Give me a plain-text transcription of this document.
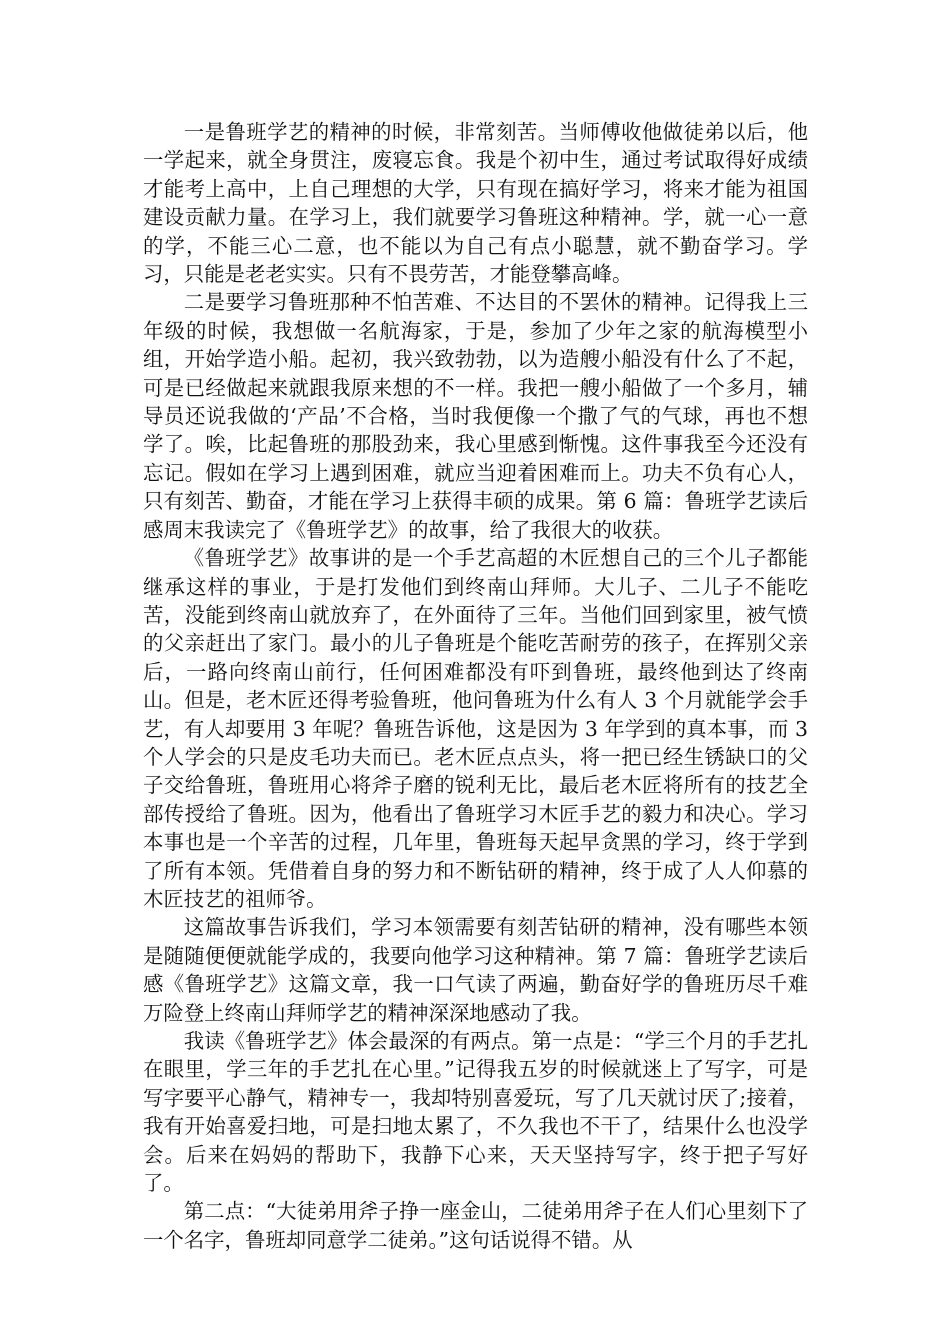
一是鲁班学艺的精神的时候，非常刻苦。当师傅收他做徒弟以后，他一学起来，就全身贯注，废寝忘食。我是个初中生，通过考试取得好成绩才能考上高中，上自己理想的大学，只有现在搞好学习，将来才能为祖国建设贡献力量。在学习上，我们就要学习鲁班这种精神。学，就一心一意的学，不能三心二意，也不能以为自己有点小聪慧，就不勤奋学习。学习，只能是老老实实。只有不畏劳苦，才能登攀高峰。

二是要学习鲁班那种不怕苦难、不达目的不罢休的精神。记得我上三年级的时候，我想做一名航海家，于是，参加了少年之家的航海模型小组，开始学造小船。起初，我兴致勃勃，以为造艘小船没有什么了不起，可是已经做起来就跟我原来想的不一样。我把一艘小船做了一个多月，辅导员还说我做的‘产品’不合格，当时我便像一个撒了气的气球，再也不想学了。唉，比起鲁班的那股劲来，我心里感到惭愧。这件事我至今还没有忘记。假如在学习上遇到困难，就应当迎着困难而上。功夫不负有心人，只有刻苦、勤奋，才能在学习上获得丰硕的成果。第 6 篇：鲁班学艺读后感周末我读完了《鲁班学艺》的故事，给了我很大的收获。

《鲁班学艺》故事讲的是一个手艺高超的木匠想自己的三个儿子都能继承这样的事业，于是打发他们到终南山拜师。大儿子、二儿子不能吃苦，没能到终南山就放弃了，在外面待了三年。当他们回到家里，被气愤的父亲赶出了家门。最小的儿子鲁班是个能吃苦耐劳的孩子，在挥别父亲后，一路向终南山前行，任何困难都没有吓到鲁班，最终他到达了终南山。但是，老木匠还得考验鲁班，他问鲁班为什么有人 3 个月就能学会手艺，有人却要用 3 年呢？鲁班告诉他，这是因为 3 年学到的真本事，而 3 个人学会的只是皮毛功夫而已。老木匠点点头，将一把已经生锈缺口的父子交给鲁班，鲁班用心将斧子磨的锐利无比，最后老木匠将所有的技艺全部传授给了鲁班。因为，他看出了鲁班学习木匠手艺的毅力和决心。学习本事也是一个辛苦的过程，几年里，鲁班每天起早贪黑的学习，终于学到了所有本领。凭借着自身的努力和不断钻研的精神，终于成了人人仰慕的木匠技艺的祖师爷。

这篇故事告诉我们，学习本领需要有刻苦钻研的精神，没有哪些本领是随随便便就能学成的，我要向他学习这种精神。第 7 篇：鲁班学艺读后感《鲁班学艺》这篇文章，我一口气读了两遍，勤奋好学的鲁班历尽千难万险登上终南山拜师学艺的精神深深地感动了我。

我读《鲁班学艺》体会最深的有两点。第一点是：“学三个月的手艺扎在眼里，学三年的手艺扎在心里。”记得我五岁的时候就迷上了写字，可是写字要平心静气，精神专一，我却特别喜爱玩，写了几天就讨厌了;接着，我有开始喜爱扫地，可是扫地太累了，不久我也不干了，结果什么也没学会。后来在妈妈的帮助下，我静下心来，天天坚持写字，终于把子写好了。

第二点：“大徒弟用斧子挣一座金山，二徒弟用斧子在人们心里刻下了一个名字，鲁班却同意学二徒弟。”这句话说得不错。从
